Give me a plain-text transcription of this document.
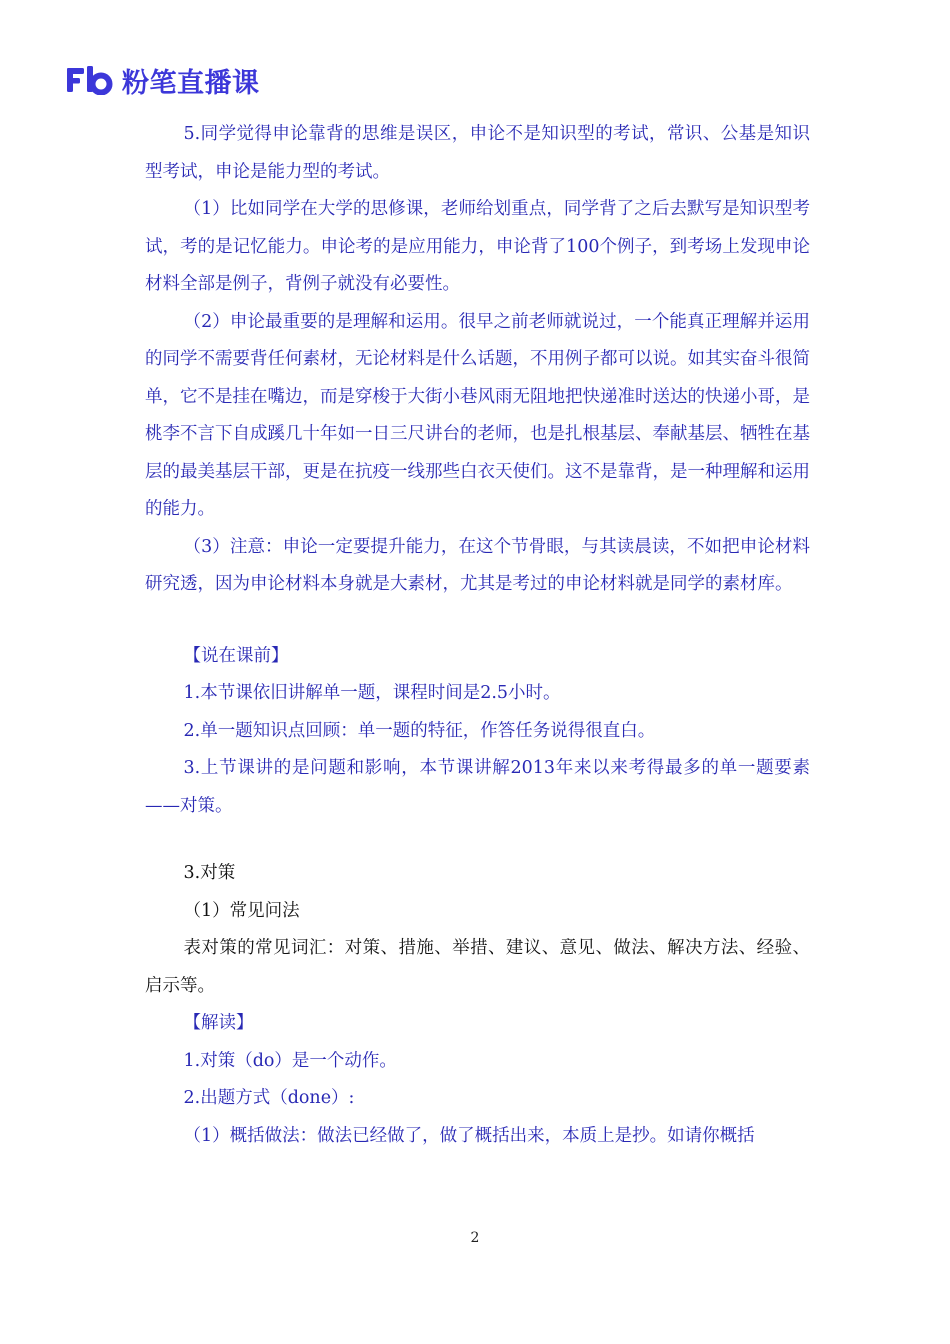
粉笔直播课

5.同学觉得申论靠背的思维是误区，申论不是知识型的考试，常识、公基是知识型考试，申论是能力型的考试。

（1）比如同学在大学的思修课，老师给划重点，同学背了之后去默写是知识型考试，考的是记忆能力。申论考的是应用能力，申论背了100个例子，到考场上发现申论材料全部是例子，背例子就没有必要性。

（2）申论最重要的是理解和运用。很早之前老师就说过，一个能真正理解并运用的同学不需要背任何素材，无论材料是什么话题，不用例子都可以说。如其实奋斗很简单，它不是挂在嘴边，而是穿梭于大街小巷风雨无阻地把快递准时送达的快递小哥，是桃李不言下自成蹊几十年如一日三尺讲台的老师，也是扎根基层、奉献基层、牺牲在基层的最美基层干部，更是在抗疫一线那些白衣天使们。这不是靠背，是一种理解和运用的能力。

（3）注意：申论一定要提升能力，在这个节骨眼，与其读晨读，不如把申论材料研究透，因为申论材料本身就是大素材，尤其是考过的申论材料就是同学的素材库。

【说在课前】

1.本节课依旧讲解单一题，课程时间是2.5小时。

2.单一题知识点回顾：单一题的特征，作答任务说得很直白。

3.上节课讲的是问题和影响，本节课讲解2013年来以来考得最多的单一题要素——对策。

3.对策

（1）常见问法

表对策的常见词汇：对策、措施、举措、建议、意见、做法、解决方法、经验、启示等。

【解读】

1.对策（do）是一个动作。

2.出题方式（done）:

（1）概括做法：做法已经做了，做了概括出来，本质上是抄。如请你概括

2
